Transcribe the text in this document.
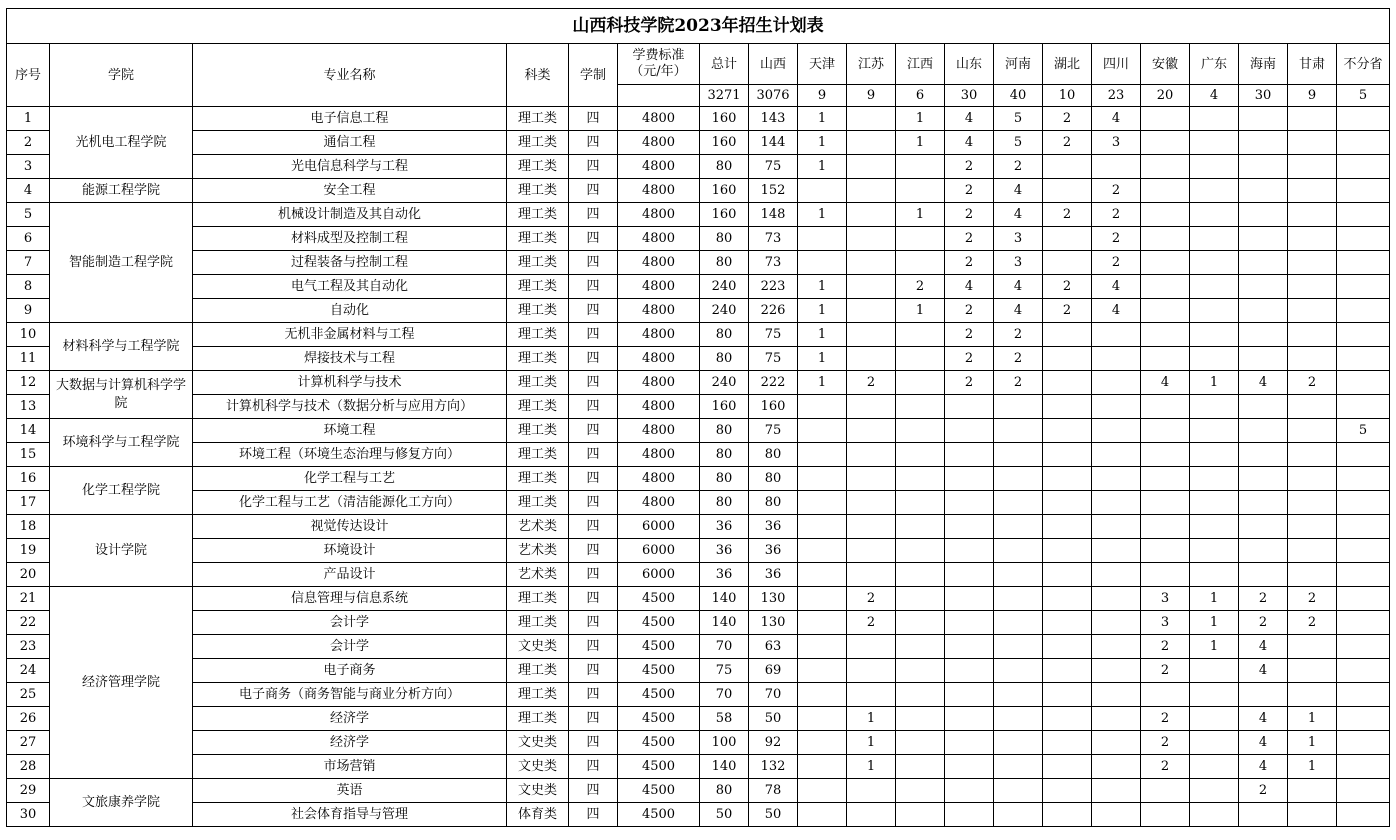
山西科技学院2023年招生计划表																			
序号	学院	专业名称	科类	学制	学费标准（元/年）	总计	山西	天津	江苏	江西	山东	河南	湖北	四川	安徽	广东	海南	甘肃	不分省
						3271	3076	9	9	6	30	40	10	23	20	4	30	9	5
1	光机电工程学院	电子信息工程	理工类	四	4800	160	143	1		1	4	5	2	4					
2		通信工程	理工类	四	4800	160	144	1		1	4	5	2	3					
3		光电信息科学与工程	理工类	四	4800	80	75	1			2	2							
4	能源工程学院	安全工程	理工类	四	4800	160	152				2	4		2					
5	智能制造工程学院	机械设计制造及其自动化	理工类	四	4800	160	148	1		1	2	4	2	2					
6		材料成型及控制工程	理工类	四	4800	80	73				2	3		2					
7		过程装备与控制工程	理工类	四	4800	80	73				2	3		2					
8		电气工程及其自动化	理工类	四	4800	240	223	1		2	4	4	2	4					
9		自动化	理工类	四	4800	240	226	1		1	2	4	2	4					
10	材料科学与工程学院	无机非金属材料与工程	理工类	四	4800	80	75	1			2	2							
11		焊接技术与工程	理工类	四	4800	80	75	1			2	2							
12	大数据与计算机科学学院	计算机科学与技术	理工类	四	4800	240	222	1	2		2	2			4	1	4	2	
13		计算机科学与技术（数据分析与应用方向）	理工类	四	4800	160	160												
14	环境科学与工程学院	环境工程	理工类	四	4800	80	75												5
15		环境工程（环境生态治理与修复方向）	理工类	四	4800	80	80												
16	化学工程学院	化学工程与工艺	理工类	四	4800	80	80												
17		化学工程与工艺（清洁能源化工方向）	理工类	四	4800	80	80												
18	设计学院	视觉传达设计	艺术类	四	6000	36	36												
19		环境设计	艺术类	四	6000	36	36												
20		产品设计	艺术类	四	6000	36	36												
21	经济管理学院	信息管理与信息系统	理工类	四	4500	140	130		2						3	1	2	2	
22		会计学	理工类	四	4500	140	130		2						3	1	2	2	
23		会计学	文史类	四	4500	70	63								2	1	4		
24		电子商务	理工类	四	4500	75	69								2		4		
25		电子商务（商务智能与商业分析方向）	理工类	四	4500	70	70												
26		经济学	理工类	四	4500	58	50		1						2		4	1	
27		经济学	文史类	四	4500	100	92		1						2		4	1	
28		市场营销	文史类	四	4500	140	132		1						2		4	1	
29	文旅康养学院	英语	文史类	四	4500	80	78										2		
30		社会体育指导与管理	体育类	四	4500	50	50												
